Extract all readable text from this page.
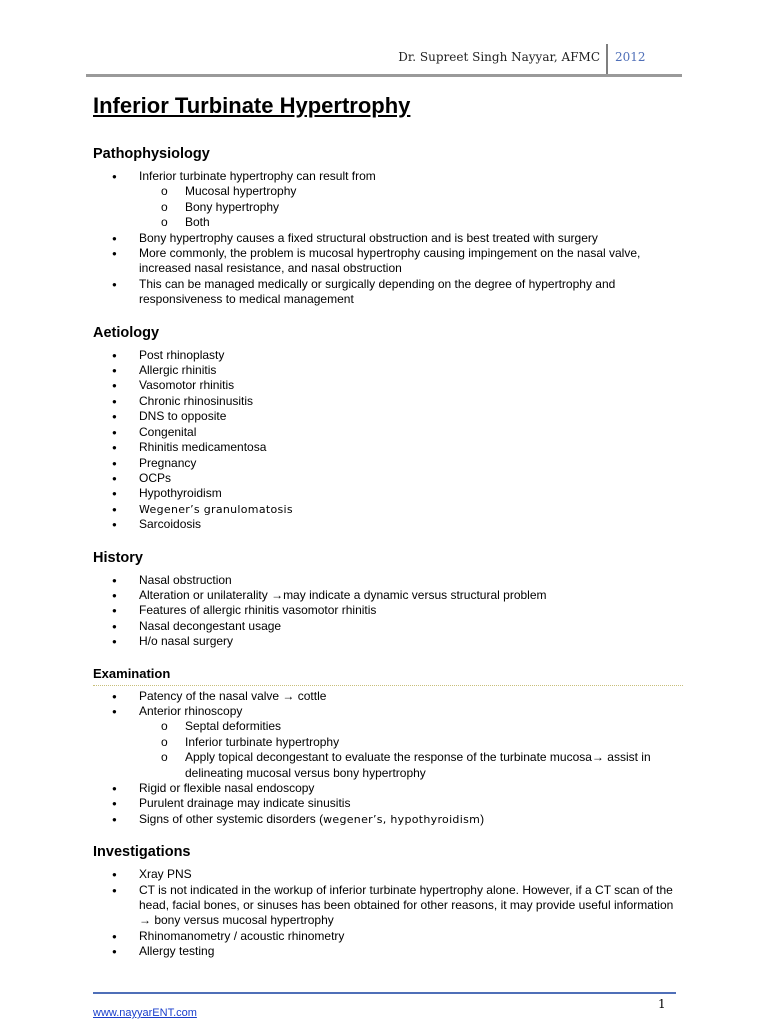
Dr. Supreet Singh Nayyar, AFMC 2012
Inferior Turbinate Hypertrophy
Pathophysiology
● Inferior turbinate hypertrophy can result from
o Mucosal hypertrophy
o Bony hypertrophy
o Both
● Bony hypertrophy causes a fixed structural obstruction and is best treated with surgery
● More commonly, the problem is mucosal hypertrophy causing impingement on the nasal valve, increased nasal resistance, and nasal obstruction
● This can be managed medically or surgically depending on the degree of hypertrophy and responsiveness to medical management
Aetiology
● Post rhinoplasty
● Allergic rhinitis
● Vasomotor rhinitis
● Chronic rhinosinusitis
● DNS to opposite
● Congenital
● Rhinitis medicamentosa
● Pregnancy
● OCPs
● Hypothyroidism
● Wegener’s granulomatosis
● Sarcoidosis
History
● Nasal obstruction
● Alteration or unilaterality →may indicate a dynamic versus structural problem
● Features of allergic rhinitis vasomotor rhinitis
● Nasal decongestant usage
● H/o nasal surgery
Examination
● Patency of the nasal valve → cottle
● Anterior rhinoscopy
o Septal deformities
o Inferior turbinate hypertrophy
o Apply topical decongestant to evaluate the response of the turbinate mucosa→ assist in delineating mucosal versus bony hypertrophy
● Rigid or flexible nasal endoscopy
● Purulent drainage may indicate sinusitis
● Signs of other systemic disorders (wegener’s, hypothyroidism)
Investigations
● Xray PNS
● CT is not indicated in the workup of inferior turbinate hypertrophy alone. However, if a CT scan of the head, facial bones, or sinuses has been obtained for other reasons, it may provide useful information → bony versus mucosal hypertrophy
● Rhinomanometry / acoustic rhinometry
● Allergy testing
1
www.nayyarENT.com
